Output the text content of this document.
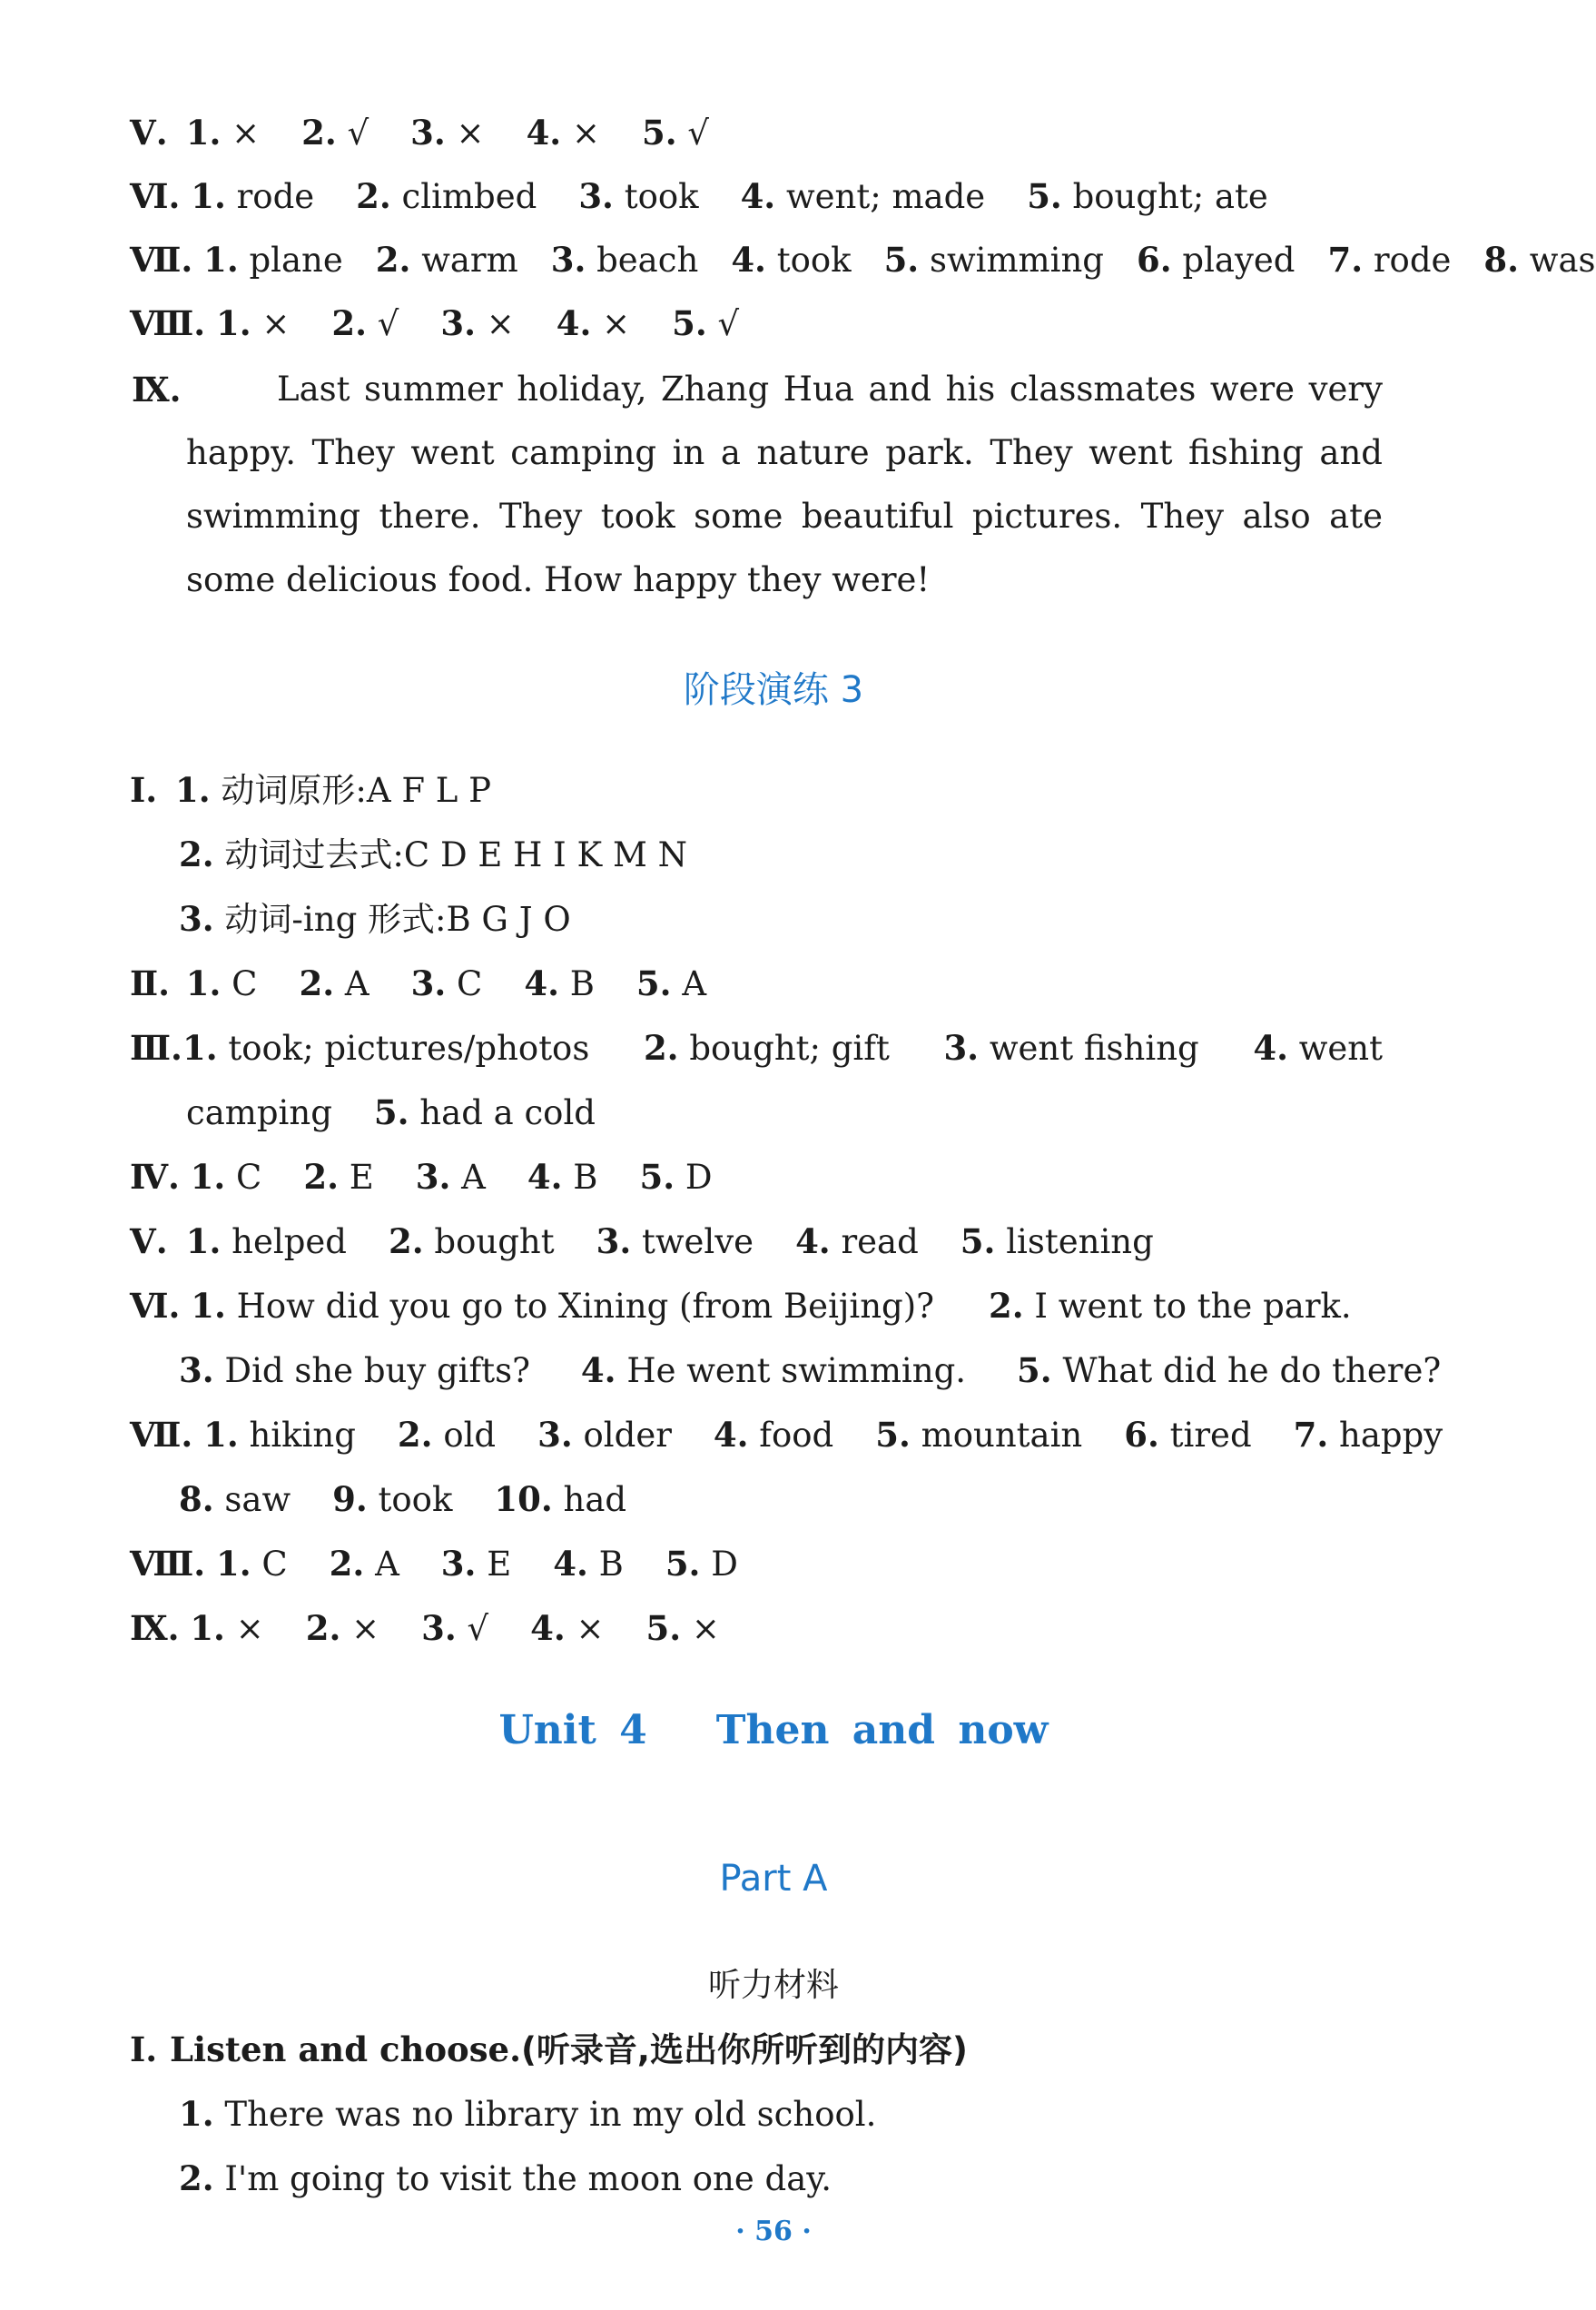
Ⅴ. 1. × 2. √ 3. × 4. × 5. √
Ⅵ. 1. rode 2. climbed 3. took 4. went; made 5. bought; ate
Ⅶ. 1. plane 2. warm 3. beach 4. took 5. swimming 6. played 7. rode 8. was
Ⅷ. 1. × 2. √ 3. × 4. × 5. √
Ⅸ.	Last summer holiday, Zhang Hua and his classmates were very happy. They went camping in a nature park. They went fishing and swimming there. They took some beautiful pictures. They also ate some delicious food. How happy they were!
阶段演练 3
Ⅰ. 1. 动词原形:A F L P
2. 动词过去式:C D E H I K M N
3. 动词-ing 形式:B G J O
Ⅱ. 1. C 2. A 3. C 4. B 5. A
Ⅲ.1. took; pictures/photos 2. bought; gift 3. went fishing 4. went
camping 5. had a cold
Ⅳ. 1. C 2. E 3. A 4. B 5. D
Ⅴ. 1. helped 2. bought 3. twelve 4. read 5. listening
Ⅵ. 1. How did you go to Xining (from Beijing)? 2. I went to the park.
3. Did she buy gifts? 4. He went swimming. 5. What did he do there?
Ⅶ. 1. hiking 2. old 3. older 4. food 5. mountain 6. tired 7. happy
8. saw 9. took 10. had
Ⅷ. 1. C 2. A 3. E 4. B 5. D
Ⅸ. 1. × 2. × 3. √ 4. × 5. ×
Unit 4   Then and now
Part A
听力材料
Ⅰ. Listen and choose.(听录音,选出你所听到的内容)
1. There was no library in my old school.
2. I'm going to visit the moon one day.
· 56 ·
